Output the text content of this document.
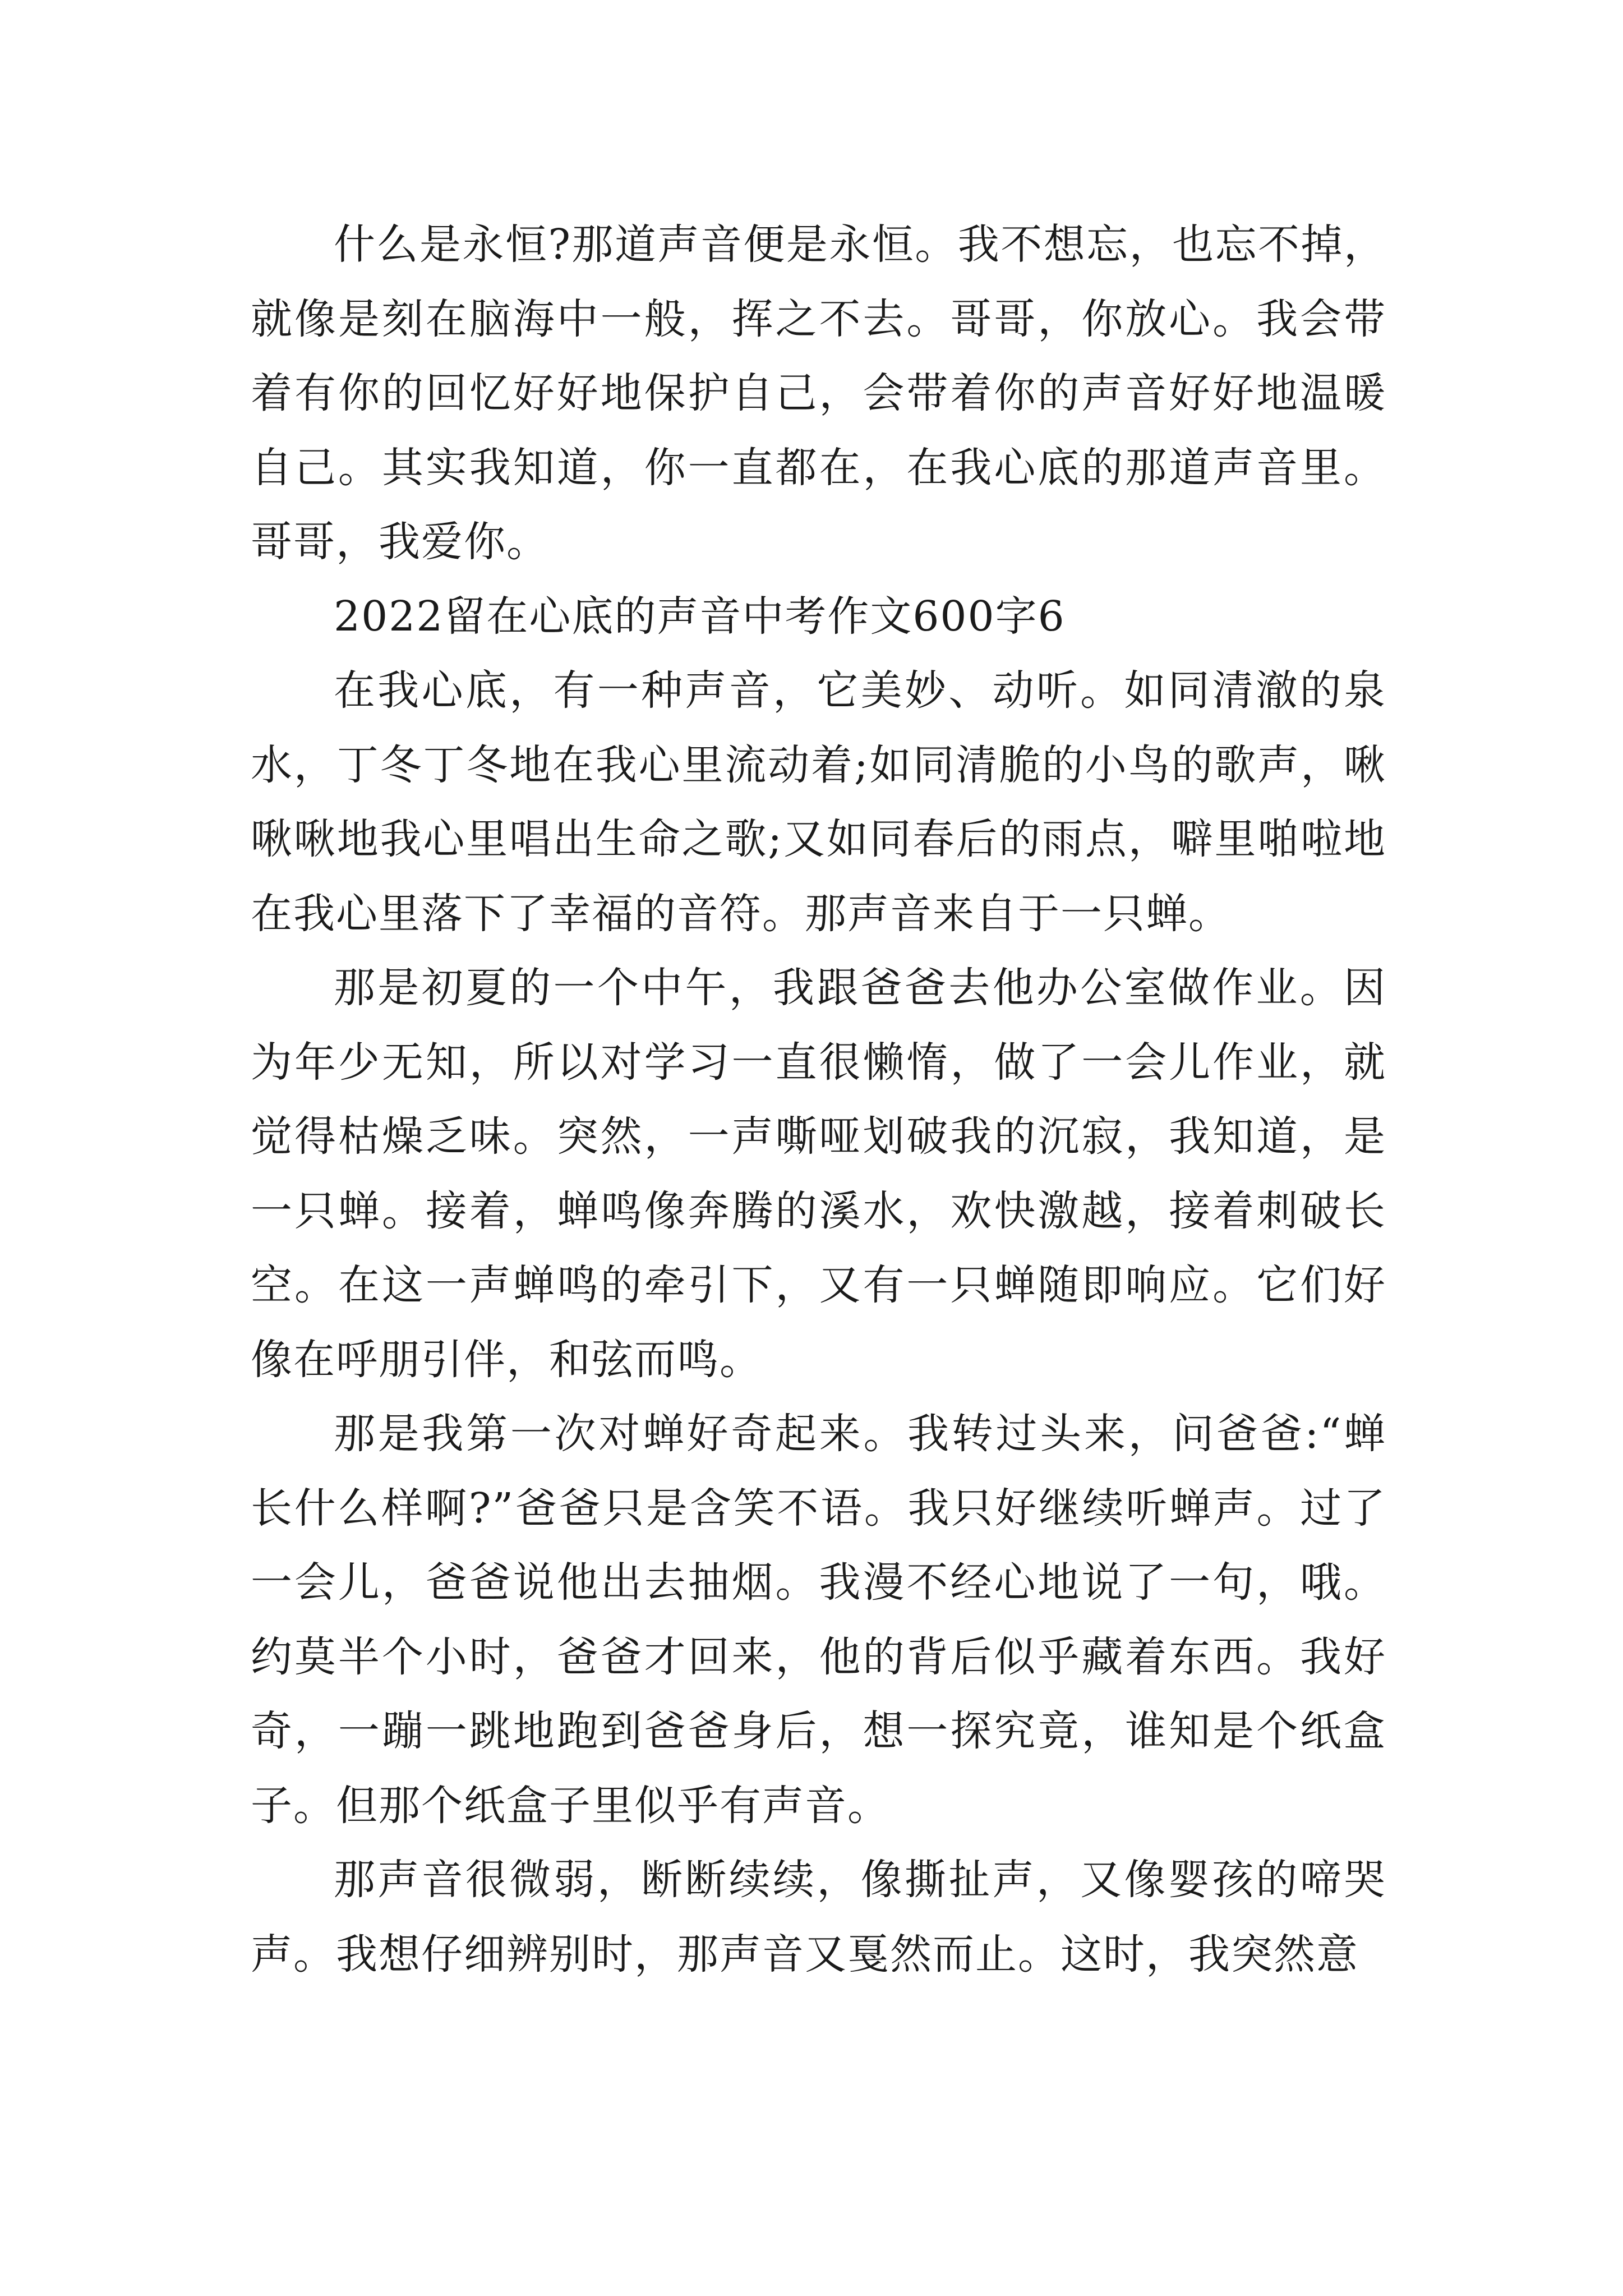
什么是永恒?那道声音便是永恒。我不想忘，也忘不掉，就像是刻在脑海中一般，挥之不去。哥哥，你放心。我会带着有你的回忆好好地保护自己，会带着你的声音好好地温暖自己。其实我知道，你一直都在，在我心底的那道声音里。哥哥，我爱你。

2022留在心底的声音中考作文600字6

在我心底，有一种声音，它美妙、动听。如同清澈的泉水，丁冬丁冬地在我心里流动着;如同清脆的小鸟的歌声，啾啾啾地我心里唱出生命之歌;又如同春后的雨点，噼里啪啦地在我心里落下了幸福的音符。那声音来自于一只蝉。

那是初夏的一个中午，我跟爸爸去他办公室做作业。因为年少无知，所以对学习一直很懒惰，做了一会儿作业，就觉得枯燥乏味。突然，一声嘶哑划破我的沉寂，我知道，是一只蝉。接着，蝉鸣像奔腾的溪水，欢快激越，接着刺破长空。在这一声蝉鸣的牵引下，又有一只蝉随即响应。它们好像在呼朋引伴，和弦而鸣。

那是我第一次对蝉好奇起来。我转过头来，问爸爸:“蝉长什么样啊?”爸爸只是含笑不语。我只好继续听蝉声。过了一会儿，爸爸说他出去抽烟。我漫不经心地说了一句，哦。约莫半个小时，爸爸才回来，他的背后似乎藏着东西。我好奇，一蹦一跳地跑到爸爸身后，想一探究竟，谁知是个纸盒子。但那个纸盒子里似乎有声音。

那声音很微弱，断断续续，像撕扯声，又像婴孩的啼哭声。我想仔细辨别时，那声音又戛然而止。这时，我突然意
